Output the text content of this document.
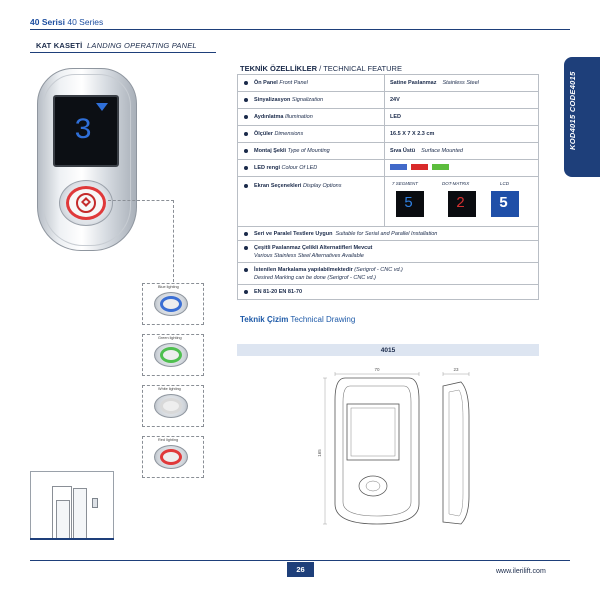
40 Serisi 40 Series
KAT KASETİ LANDING OPERATING PANEL
KOD4015 CODE4015
3
Blue lighting
Green lighting
White lighting
Red lighting
TEKNİK ÖZELLİKLER / TECHNICAL FEATURE
Ön Panel Front Panel	Satine Paslanmaz Stainless Steel
Sinyalizasyon Signalization	24V
Aydınlatma Illumination	LED
Ölçüler Dimensions	16.5 X 7 X 2.3 cm
Montaj Şekli Type of Mounting	Sıva Üstü Surface Mounted
LED rengi Colour Of LED
Ekran Seçenekleri Display Options	7 SEGMENT
5
DOT-MATRIX
2
LCD
5
Seri ve Paralel Testlere Uygun Suitable for Serial and Parallel Installation
Çeşitli Paslanmaz Çelikli Alternatifleri Mevcut
Various Stainless Steel Alternatives Available
İstenilen Markalama yapılabilmektedir (Serigrof - CNC vd.)
Desired Marking can be done (Serigrof - CNC vd.)
EN 81-20 EN 81-70
Teknik Çizim Technical Drawing
4015
70	23
165
26	www.ilerilift.com
